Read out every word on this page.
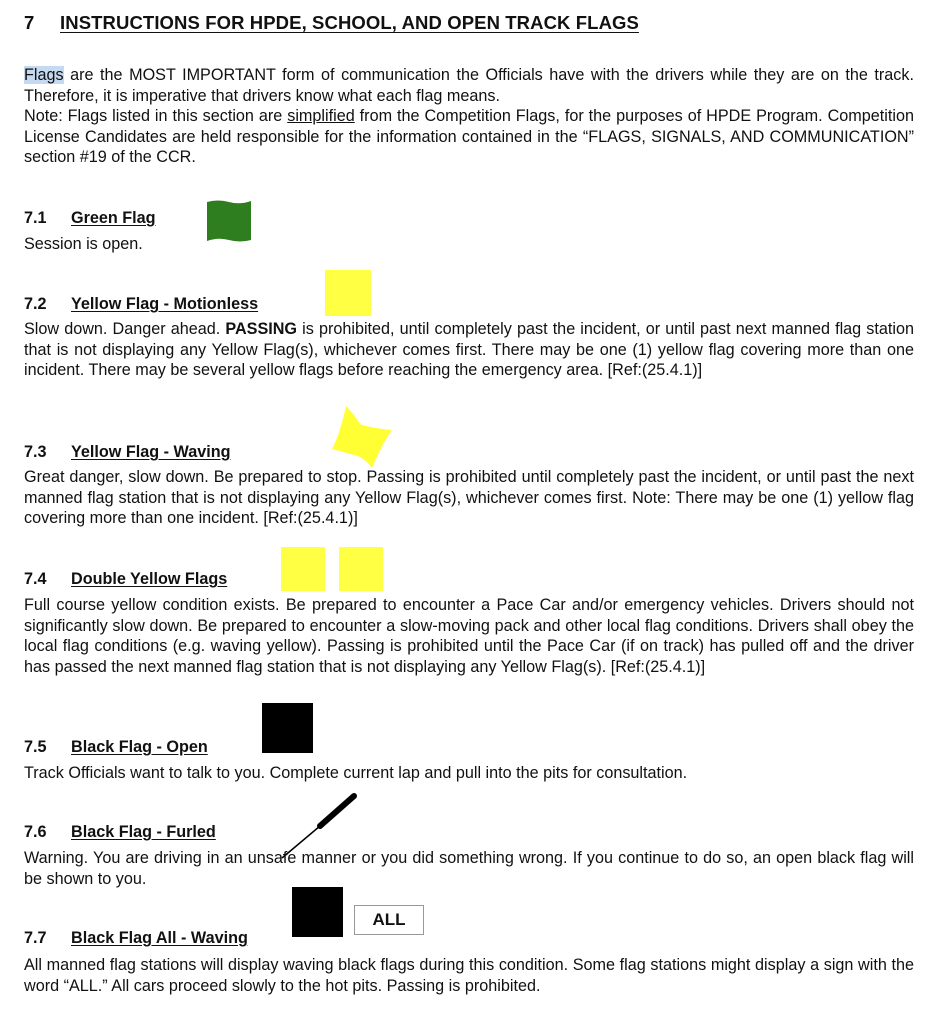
7 INSTRUCTIONS FOR HPDE, SCHOOL, AND OPEN TRACK FLAGS
Flags are the MOST IMPORTANT form of communication the Officials have with the drivers while they are on the track. Therefore, it is imperative that drivers know what each flag means.
Note: Flags listed in this section are simplified from the Competition Flags, for the purposes of HPDE Program. Competition License Candidates are held responsible for the information contained in the “FLAGS, SIGNALS, AND COMMUNICATION” section #19 of the CCR.
7.1 Green Flag
Session is open.
7.2 Yellow Flag - Motionless
Slow down. Danger ahead. PASSING is prohibited, until completely past the incident, or until past next manned flag station that is not displaying any Yellow Flag(s), whichever comes first. There may be one (1) yellow flag covering more than one incident. There may be several yellow flags before reaching the emergency area. [Ref:(25.4.1)]
7.3 Yellow Flag - Waving
Great danger, slow down. Be prepared to stop. Passing is prohibited until completely past the incident, or until past the next manned flag station that is not displaying any Yellow Flag(s), whichever comes first. Note: There may be one (1) yellow flag covering more than one incident. [Ref:(25.4.1)]
7.4 Double Yellow Flags
Full course yellow condition exists. Be prepared to encounter a Pace Car and/or emergency vehicles. Drivers should not significantly slow down. Be prepared to encounter a slow-moving pack and other local flag conditions. Drivers shall obey the local flag conditions (e.g. waving yellow). Passing is prohibited until the Pace Car (if on track) has pulled off and the driver has passed the next manned flag station that is not displaying any Yellow Flag(s). [Ref:(25.4.1)]
7.5 Black Flag - Open
Track Officials want to talk to you. Complete current lap and pull into the pits for consultation.
7.6 Black Flag - Furled
Warning. You are driving in an unsafe manner or you did something wrong. If you continue to do so, an open black flag will be shown to you.
7.7 Black Flag All - Waving
ALL
All manned flag stations will display waving black flags during this condition. Some flag stations might display a sign with the word “ALL.” All cars proceed slowly to the hot pits. Passing is prohibited.
